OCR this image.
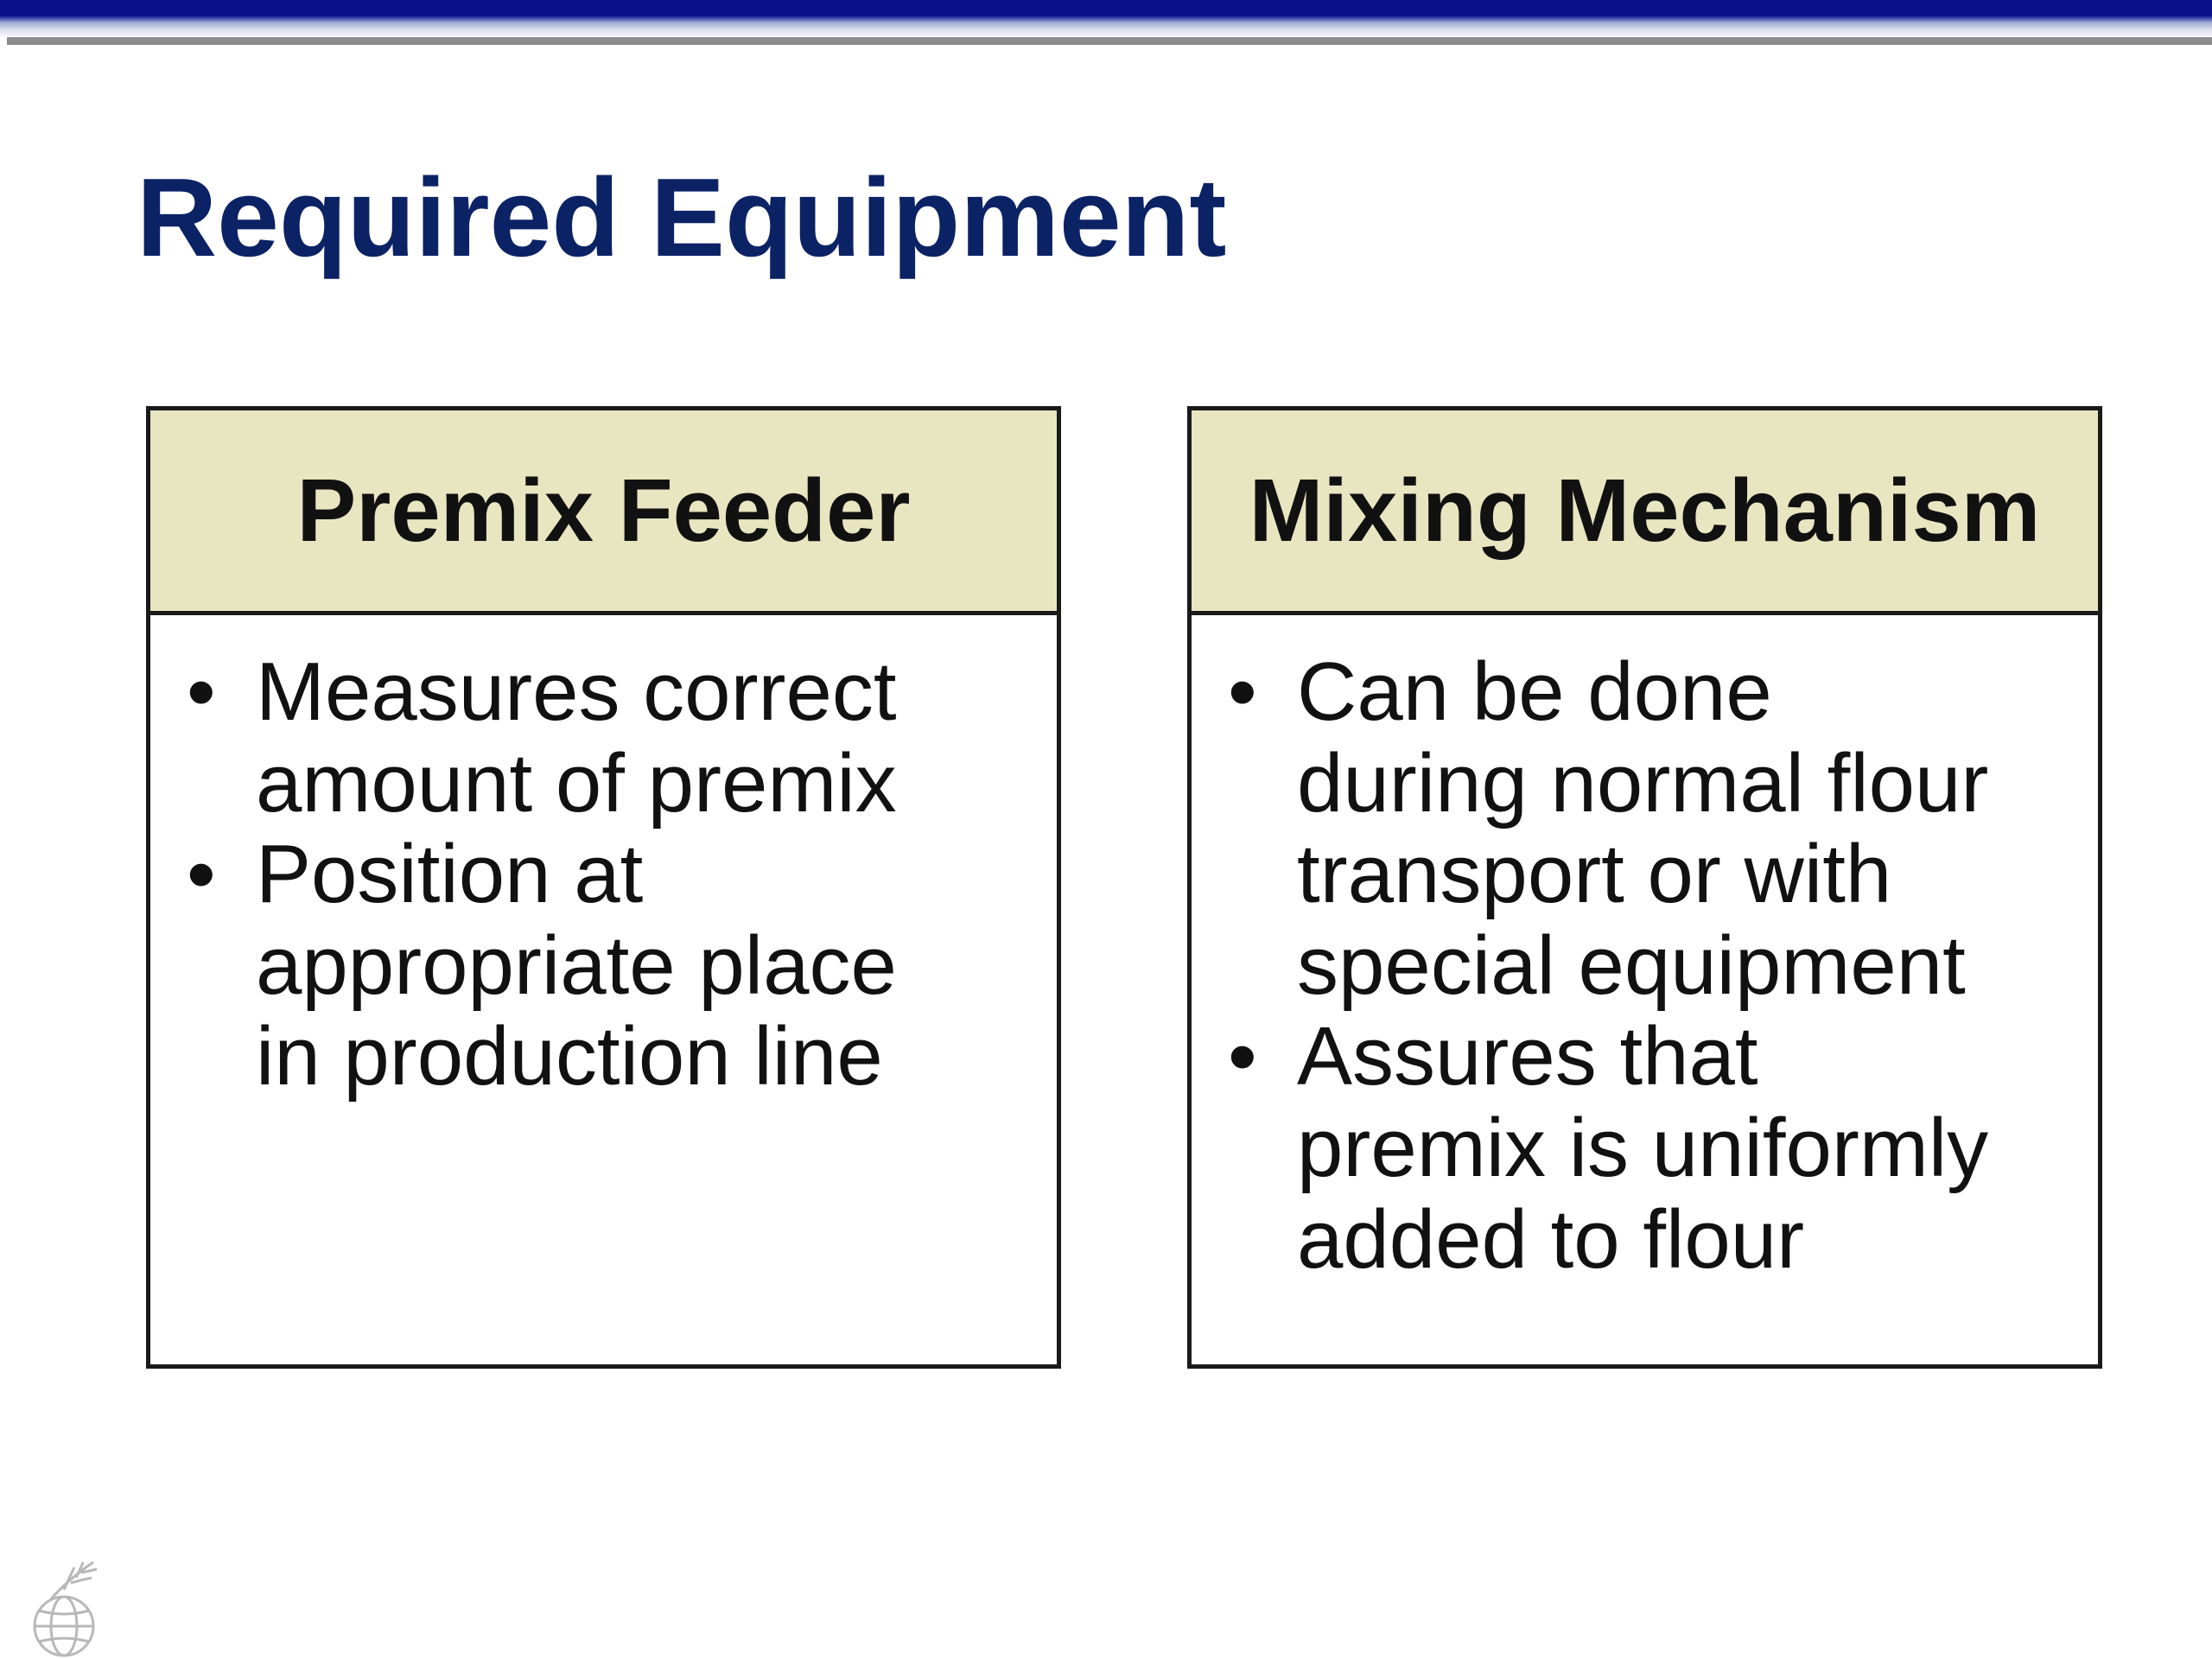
Required Equipment
Premix Feeder
• Measures correct
amount of premix
• Position at
appropriate place
in production line
Mixing Mechanism
• Can be done
during normal flour
transport or with
special equipment
• Assures that
premix is uniformly
added to flour
